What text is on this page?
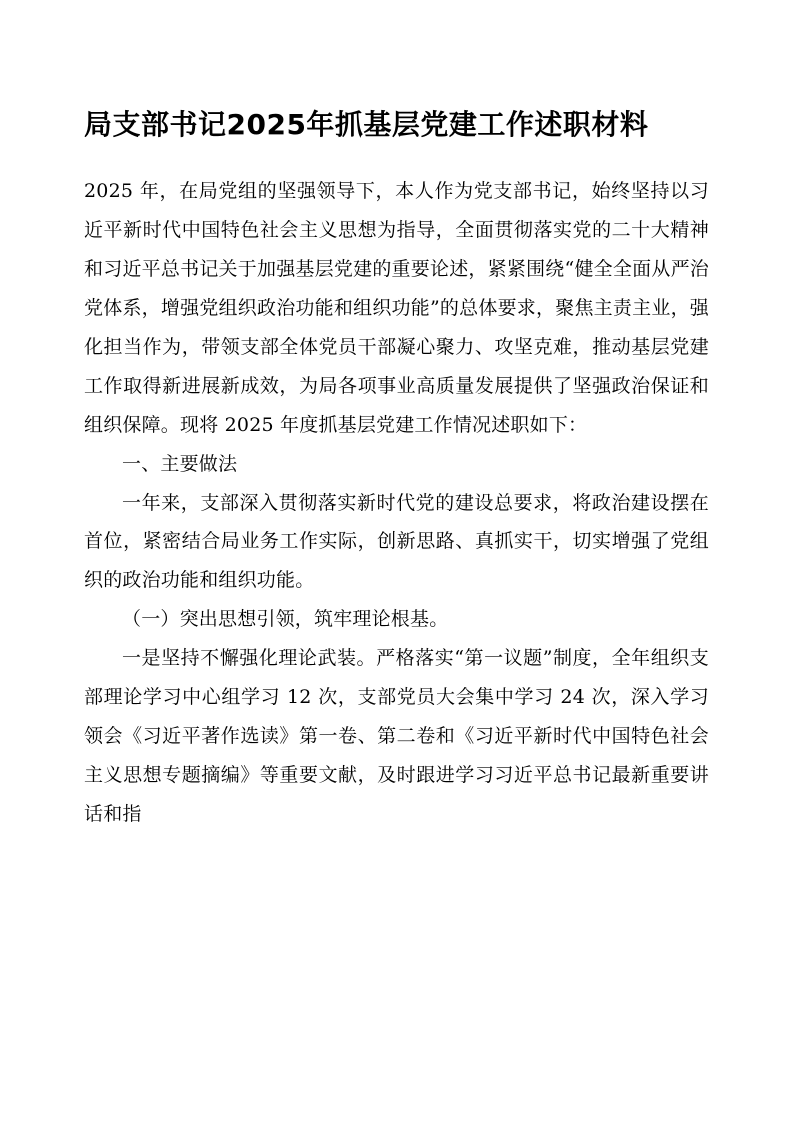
局支部书记2025年抓基层党建工作述职材料

2025 年，在局党组的坚强领导下，本人作为党支部书记，始终坚持以习近平新时代中国特色社会主义思想为指导，全面贯彻落实党的二十大精神和习近平总书记关于加强基层党建的重要论述，紧紧围绕“健全全面从严治党体系，增强党组织政治功能和组织功能”的总体要求，聚焦主责主业，强化担当作为，带领支部全体党员干部凝心聚力、攻坚克难，推动基层党建工作取得新进展新成效，为局各项事业高质量发展提供了坚强政治保证和组织保障。现将 2025 年度抓基层党建工作情况述职如下：

一、主要做法

一年来，支部深入贯彻落实新时代党的建设总要求，将政治建设摆在首位，紧密结合局业务工作实际，创新思路、真抓实干，切实增强了党组织的政治功能和组织功能。

（一）突出思想引领，筑牢理论根基。

一是坚持不懈强化理论武装。严格落实“第一议题”制度，全年组织支部理论学习中心组学习 12 次，支部党员大会集中学习 24 次，深入学习领会《习近平著作选读》第一卷、第二卷和《习近平新时代中国特色社会主义思想专题摘编》等重要文献，及时跟进学习习近平总书记最新重要讲话和指
